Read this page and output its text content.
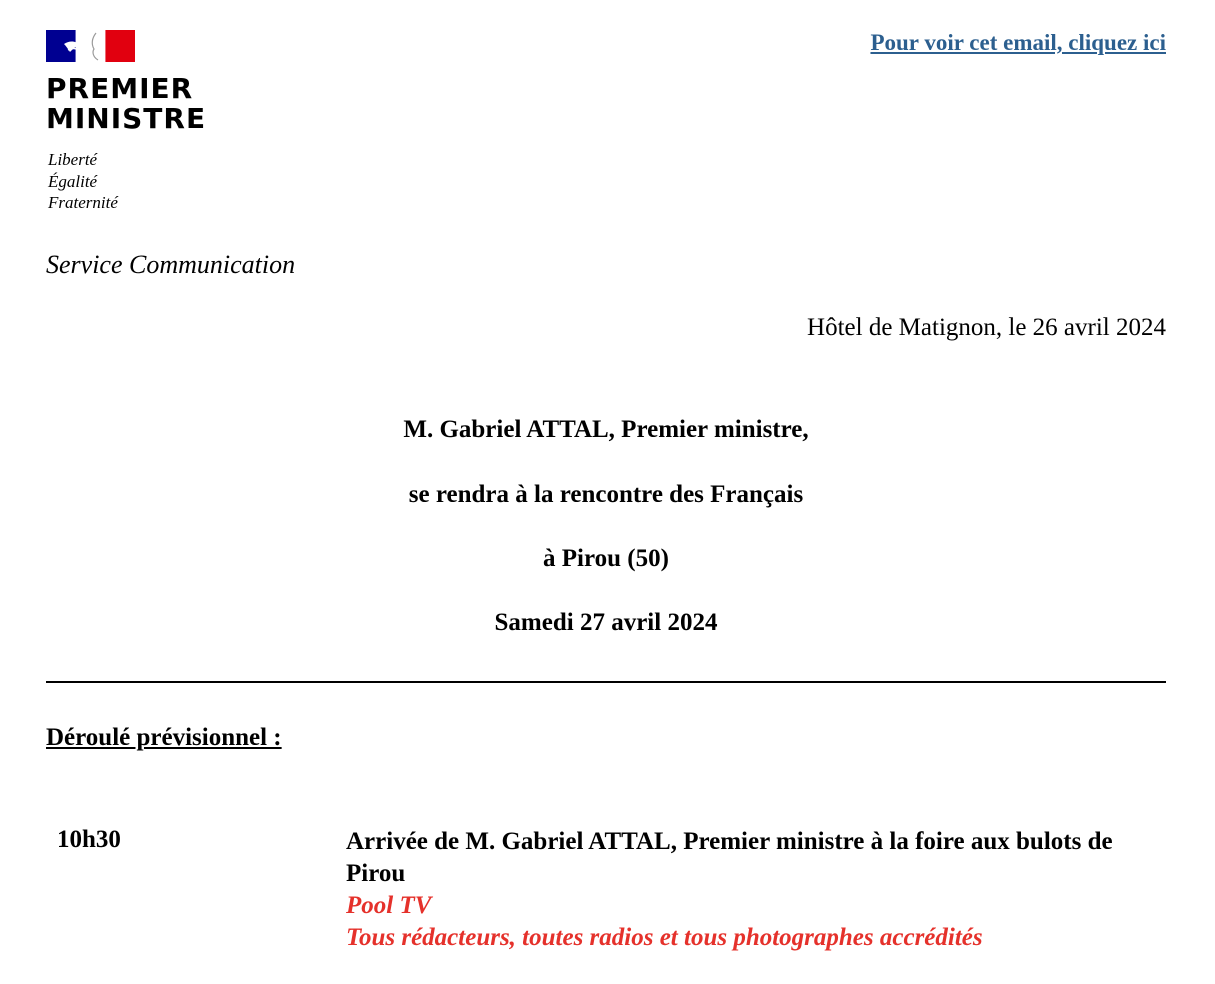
PREMIER
MINISTRE
Liberté
Égalité
Fraternité
Service Communication
Pour voir cet email, cliquez ici
Hôtel de Matignon, le 26 avril 2024
M. Gabriel ATTAL, Premier ministre,
se rendra à la rencontre des Français
à Pirou (50)
Samedi 27 avril 2024
Déroulé prévisionnel :
10h30	Arrivée de M. Gabriel ATTAL, Premier ministre à la foire aux bulots de Pirou
Pool TV
Tous rédacteurs, toutes radios et tous photographes accrédités
